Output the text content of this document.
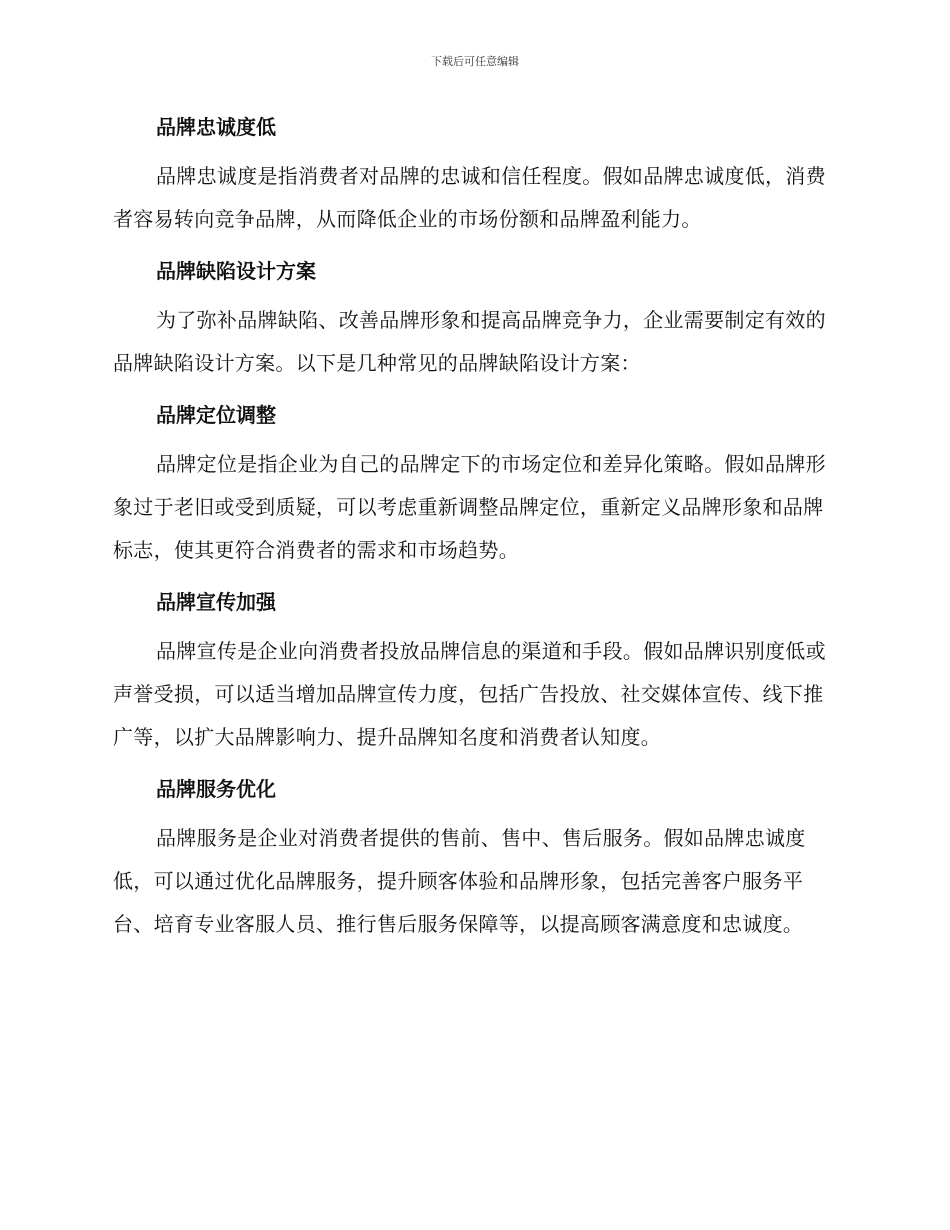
下载后可任意编辑
品牌忠诚度低

品牌忠诚度是指消费者对品牌的忠诚和信任程度。假如品牌忠诚度低，消费者容易转向竞争品牌，从而降低企业的市场份额和品牌盈利能力。

品牌缺陷设计方案

为了弥补品牌缺陷、改善品牌形象和提高品牌竞争力，企业需要制定有效的品牌缺陷设计方案。以下是几种常见的品牌缺陷设计方案：

品牌定位调整

品牌定位是指企业为自己的品牌定下的市场定位和差异化策略。假如品牌形象过于老旧或受到质疑，可以考虑重新调整品牌定位，重新定义品牌形象和品牌标志，使其更符合消费者的需求和市场趋势。

品牌宣传加强

品牌宣传是企业向消费者投放品牌信息的渠道和手段。假如品牌识别度低或声誉受损，可以适当增加品牌宣传力度，包括广告投放、社交媒体宣传、线下推广等，以扩大品牌影响力、提升品牌知名度和消费者认知度。

品牌服务优化

品牌服务是企业对消费者提供的售前、售中、售后服务。假如品牌忠诚度低，可以通过优化品牌服务，提升顾客体验和品牌形象，包括完善客户服务平台、培育专业客服人员、推行售后服务保障等，以提高顾客满意度和忠诚度。
